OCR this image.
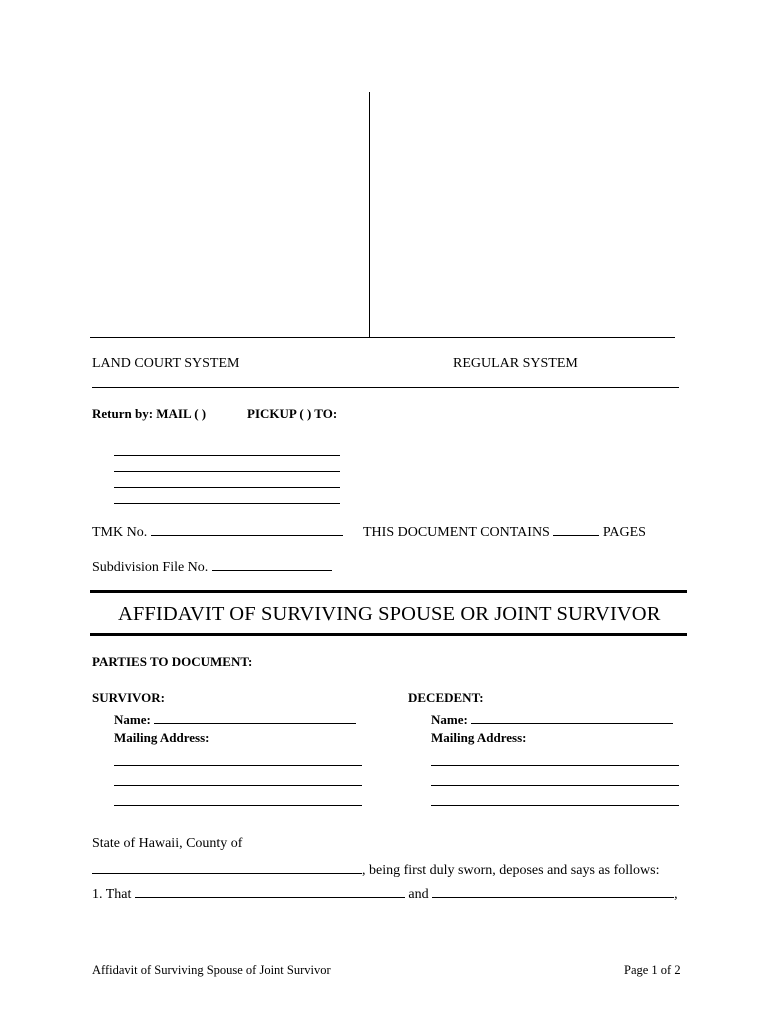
LAND COURT SYSTEM	REGULAR SYSTEM
Return by: MAIL ( )	PICKUP ( ) TO:
TMK No.	THIS DOCUMENT CONTAINS	PAGES
Subdivision File No.
AFFIDAVIT OF SURVIVING SPOUSE OR JOINT SURVIVOR
PARTIES TO DOCUMENT:
SURVIVOR:
Name:
Mailing Address:
DECEDENT:
Name:
Mailing Address:
State of Hawaii, County of
, being first duly sworn, deposes and says as follows:
1. That	and	,
Affidavit of Surviving Spouse of Joint Survivor	Page 1 of 2
